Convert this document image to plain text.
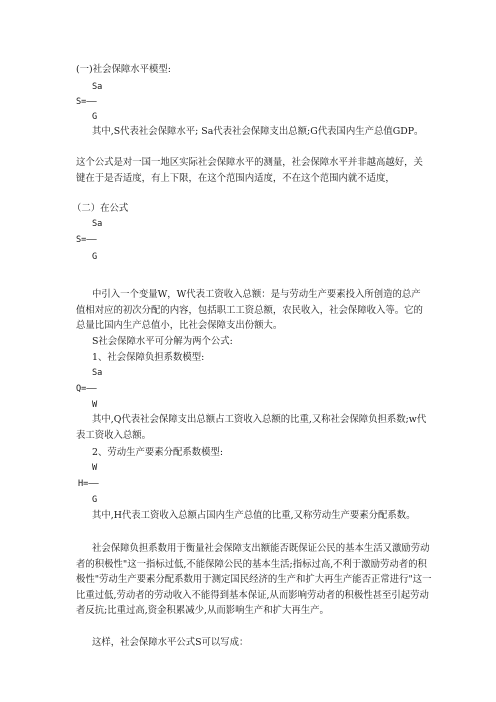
(一)社会保障水平模型:
Sa
S=——
G
其中,S代表社会保障水平; Sa代表社会保障支出总额;G代表国内生产总值GDP。
这个公式是对一国一地区实际社会保障水平的测量，社会保障水平并非越高越好，关键在于是否适度，有上下限，在这个范围内适度，不在这个范围内就不适度，
（二）在公式
Sa
S=——
G
中引入一个变量W，W代表工资收入总额：是与劳动生产要素投入所创造的总产值相对应的初次分配的内容，包括职工工资总额，农民收入，社会保障收入等。它的总量比国内生产总值小，比社会保障支出份额大。
S社会保障水平可分解为两个公式:
1、社会保障负担系数模型:
Sa
Q=——
W
其中,Q代表社会保障支出总额占工资收入总额的比重,又称社会保障负担系数;w代表工资收入总额。
2、劳动生产要素分配系数模型:
W
H=——
G
其中,H代表工资收入总额占国内生产总值的比重,又称劳动生产要素分配系数。
社会保障负担系数用于衡量社会保障支出额能否既保证公民的基本生活又激励劳动者的积极性"这一指标过低,不能保障公民的基本生活;指标过高,不利于激励劳动者的积极性"劳动生产要素分配系数用于测定国民经济的生产和扩大再生产能否正常进行"这一比重过低,劳动者的劳动收入不能得到基本保证,从而影响劳动者的积极性甚至引起劳动者反抗;比重过高,资金积累减少,从而影响生产和扩大再生产。
这样，社会保障水平公式S可以写成：
